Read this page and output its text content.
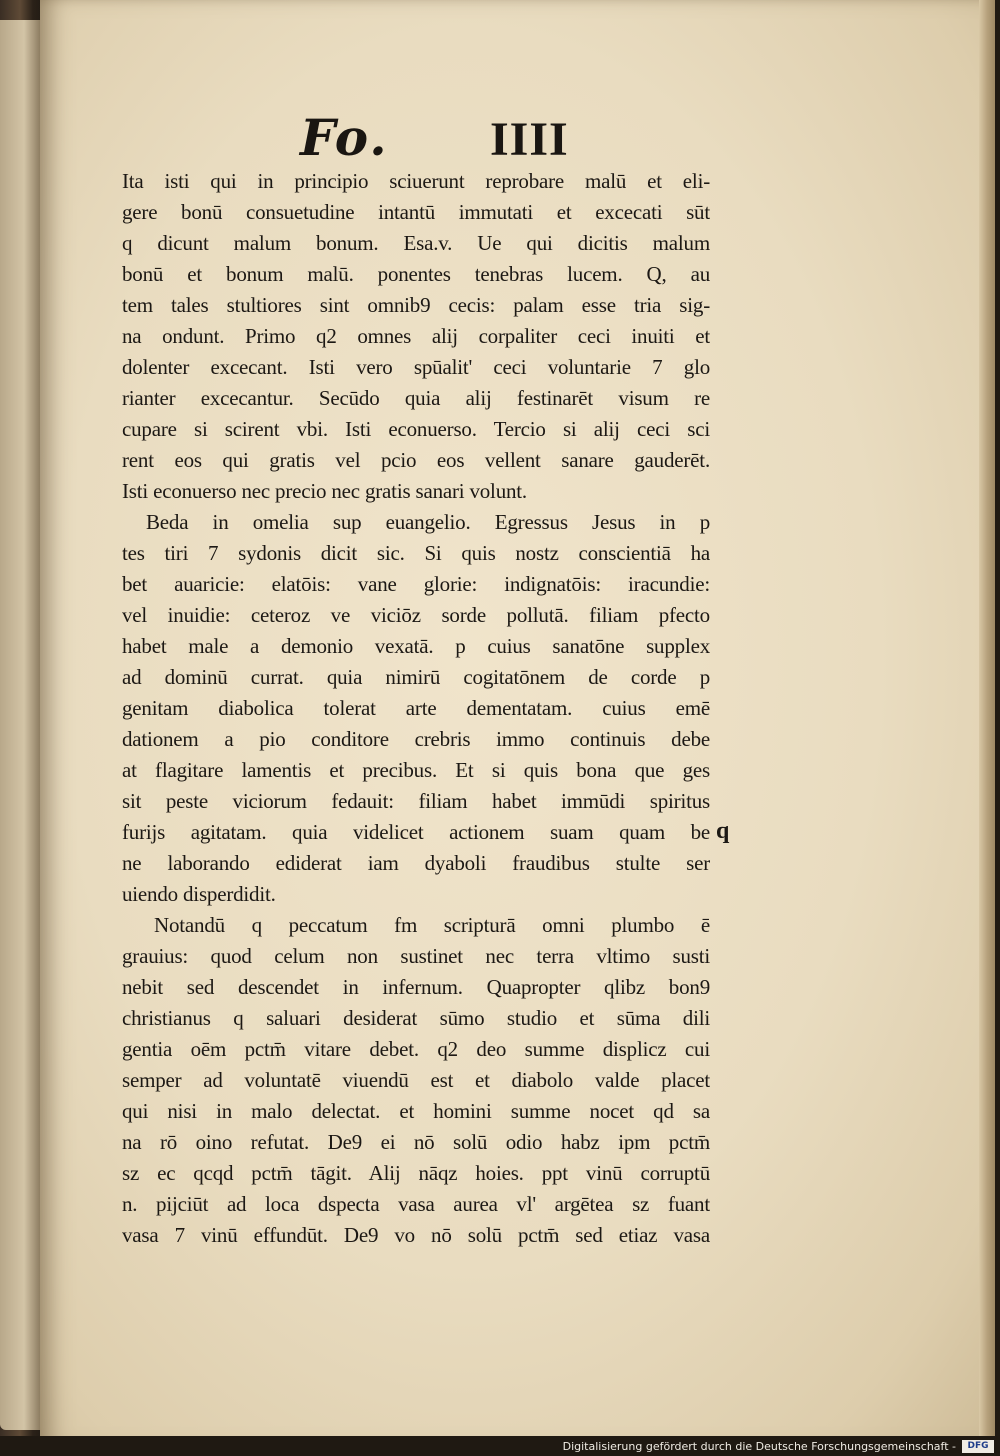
Fo. IIII
Ita isti qui in principio sciuerunt reprobare malū et eli-
gere bonū consuetudine intantū immutati et excecati sūt
q dicunt malum bonum. Esa.v. Ue qui dicitis malum
bonū et bonum malū. ponentes tenebras lucem. Q, au
tem tales stultiores sint omnib9 cecis: palam esse tria sig-
na ondunt. Primo q2 omnes alij corpaliter ceci inuiti et
dolenter excecant. Isti vero spūalit' ceci voluntarie 7 glo
rianter excecantur. Secūdo quia alij festinarēt visum re
cupare si scirent vbi. Isti econuerso. Tercio si alij ceci sci
rent eos qui gratis vel pcio eos vellent sanare gauderēt.
Isti econuerso nec precio nec gratis sanari volunt.
Beda in omelia sup euangelio. Egressus Jesus in p
tes tiri 7 sydonis dicit sic. Si quis nostz conscientiā ha
bet auaricie: elatōis: vane glorie: indignatōis: iracundie:
vel inuidie: ceteroz ve viciōz sorde pollutā. filiam pfecto
habet male a demonio vexatā. p cuius sanatōne supplex
ad dominū currat. quia nimirū cogitatōnem de corde p
genitam diabolica tolerat arte dementatam. cuius emē
dationem a pio conditore crebris immo continuis debe
at flagitare lamentis et precibus. Et si quis bona que ges
sit peste viciorum fedauit: filiam habet immūdi spiritus
furijs agitatam. quia videlicet actionem suam quam be
ne laborando ediderat iam dyaboli fraudibus stulte ser
uiendo disperdidit.
Notandū q peccatum fm scripturā omni plumbo ē
grauius: quod celum non sustinet nec terra vltimo susti
nebit sed descendet in infernum. Quapropter qlibz bon9
christianus q saluari desiderat sūmo studio et sūma dili
gentia oēm pctm̄ vitare debet. q2 deo summe displicz cui
semper ad voluntatē viuendū est et diabolo valde placet
qui nisi in malo delectat. et homini summe nocet qd sa
na rō oino refutat. De9 ei nō solū odio habz ipm pctm̄
sz ec qcqd pctm̄ tāgit. Alij nāqz hoies. ppt vinū corruptū
n. pijciūt ad loca dspecta vasa aurea vl' argētea sz fuant
vasa 7 vinū effundūt. De9 vo nō solū pctm̄ sed etiaz vasa
q
Digitalisierung gefördert durch die Deutsche Forschungsgemeinschaft -	DFG
